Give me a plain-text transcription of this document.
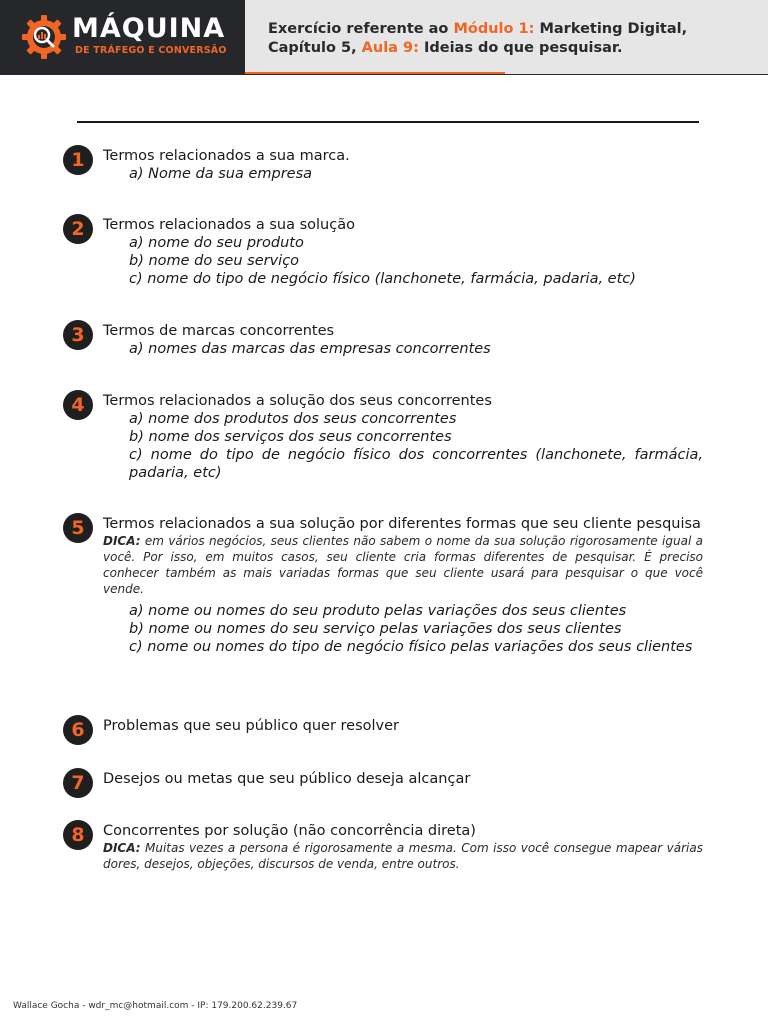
MÁQUINA
DE TRÁFEGO E CONVERSÃO
Exercício referente ao Módulo 1: Marketing Digital, Capítulo 5, Aula 9: Ideias do que pesquisar.
1	Termos relacionados a sua marca.
a) Nome da sua empresa
2	Termos relacionados a sua solução
a) nome do seu produto
b) nome do seu serviço
c) nome do tipo de negócio físico (lanchonete, farmácia, padaria, etc)
3	Termos de marcas concorrentes
a) nomes das marcas das empresas concorrentes
4	Termos relacionados a solução dos seus concorrentes
a) nome dos produtos dos seus concorrentes
b) nome dos serviços dos seus concorrentes
c) nome do tipo de negócio físico dos concorrentes (lanchonete, farmácia, padaria, etc)
5	Termos relacionados a sua solução por diferentes formas que seu cliente pesquisa
DICA: em vários negócios, seus clientes não sabem o nome da sua solução rigorosamente igual a você. Por isso, em muitos casos, seu cliente cria formas diferentes de pesquisar. É preciso conhecer também as mais variadas formas que seu cliente usará para pesquisar o que você vende.
a) nome ou nomes do seu produto pelas variações dos seus clientes
b) nome ou nomes do seu serviço pelas variações dos seus clientes
c) nome ou nomes do tipo de negócio físico pelas variações dos seus clientes
6	Problemas que seu público quer resolver
7	Desejos ou metas que seu público deseja alcançar
8	Concorrentes por solução (não concorrência direta)
DICA: Muitas vezes a persona é rigorosamente a mesma. Com isso você consegue mapear várias dores, desejos, objeções, discursos de venda, entre outros.
Wallace Gocha - wdr_mc@hotmail.com - IP: 179.200.62.239.67
